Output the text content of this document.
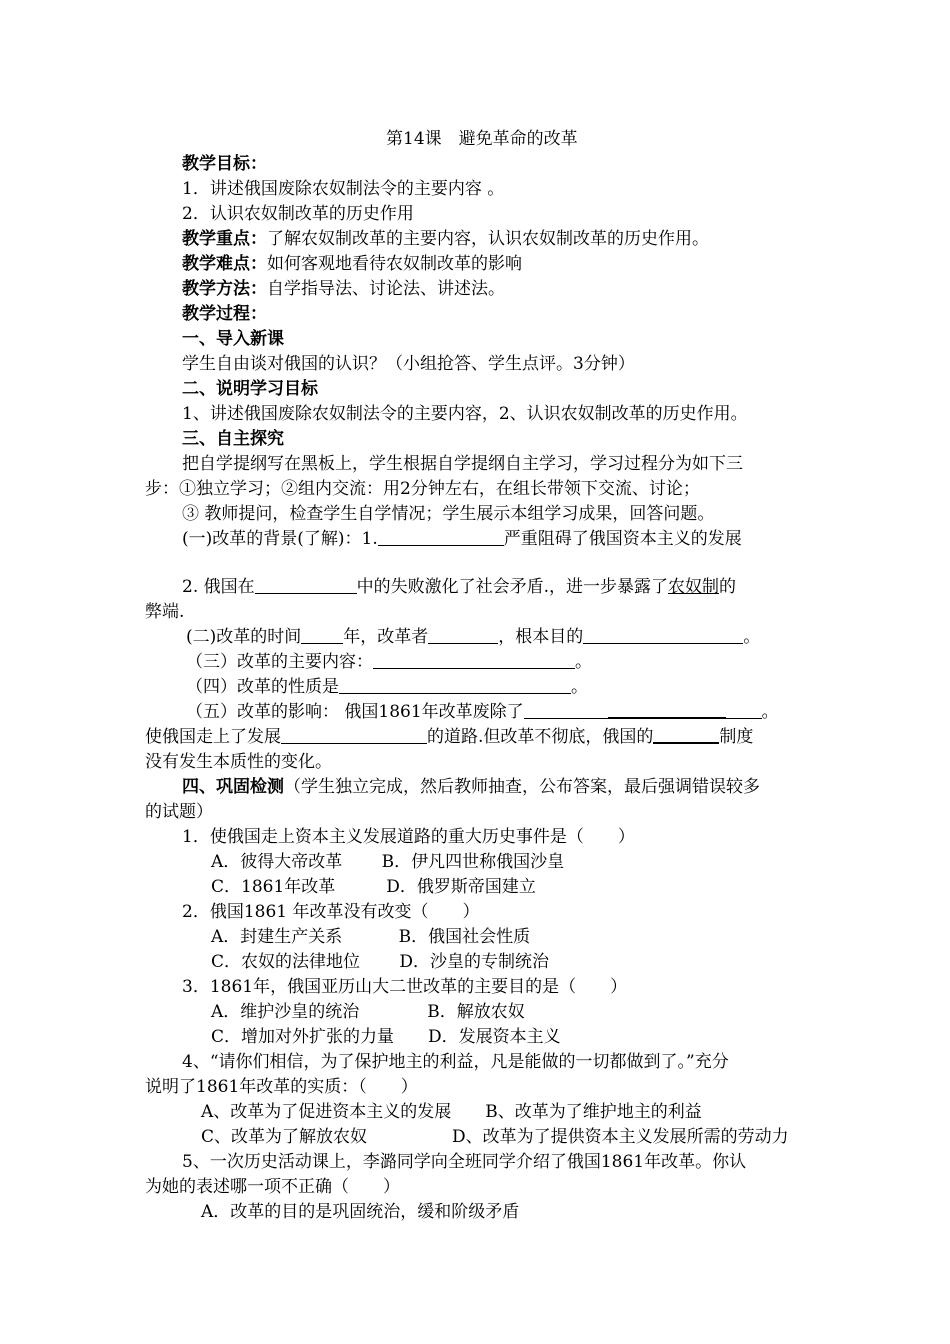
第14课　避免革命的改革
教学目标：
1．讲述俄国废除农奴制法令的主要内容 。
2．认识农奴制改革的历史作用
教学重点：了解农奴制改革的主要内容，认识农奴制改革的历史作用。
教学难点：如何客观地看待农奴制改革的影响
教学方法：自学指导法、讨论法、讲述法。
教学过程：
一、导入新课
学生自由谈对俄国的认识？（小组抢答、学生点评。3分钟）
二、说明学习目标
1、讲述俄国废除农奴制法令的主要内容，2、认识农奴制改革的历史作用。
三、自主探究
把自学提纲写在黑板上，学生根据自学提纲自主学习，学习过程分为如下三
步：①独立学习；②组内交流：用2分钟左右，在组长带领下交流、讨论；
③ 教师提问，检查学生自学情况；学生展示本组学习成果，回答问题。
(一)改革的背景(了解)：1.	严重阻碍了俄国资本主义的发展
2. 俄国在	中的失败激化了社会矛盾.，进一步暴露了农奴制的
弊端.
(二)改革的时间 年，改革者	，根本目的	。
（三）改革的主要内容：	。
（四）改革的性质是	。
（五）改革的影响： 俄国1861年改革废除了	。
使俄国走上了发展	的道路.但改革不彻底，俄国的	制度
没有发生本质性的变化。
四、巩固检测（学生独立完成，然后教师抽查，公布答案，最后强调错误较多
的试题）
1．使俄国走上资本主义发展道路的重大历史事件是（　　）
A．彼得大帝改革　　 B．伊凡四世称俄国沙皇
C．1861年改革　　　D．俄罗斯帝国建立
2．俄国1861 年改革没有改变（　　）
A．封建生产关系　　　 B．俄国社会性质
C．农奴的法律地位　　 D．沙皇的专制统治
3．1861年，俄国亚历山大二世改革的主要目的是（　　）
A．维护沙皇的统治　　　　B．解放农奴
C．增加对外扩张的力量　　D．发展资本主义
4、“请你们相信，为了保护地主的利益，凡是能做的一切都做到了。”充分
说明了1861年改革的实质：（　　）
A、改革为了促进资本主义的发展　　B、改革为了维护地主的利益
C、改革为了解放农奴　　　　　D、改革为了提供资本主义发展所需的劳动力
5、一次历史活动课上，李潞同学向全班同学介绍了俄国1861年改革。你认
为她的表述哪一项不正确（　　）
A．改革的目的是巩固统治，缓和阶级矛盾
